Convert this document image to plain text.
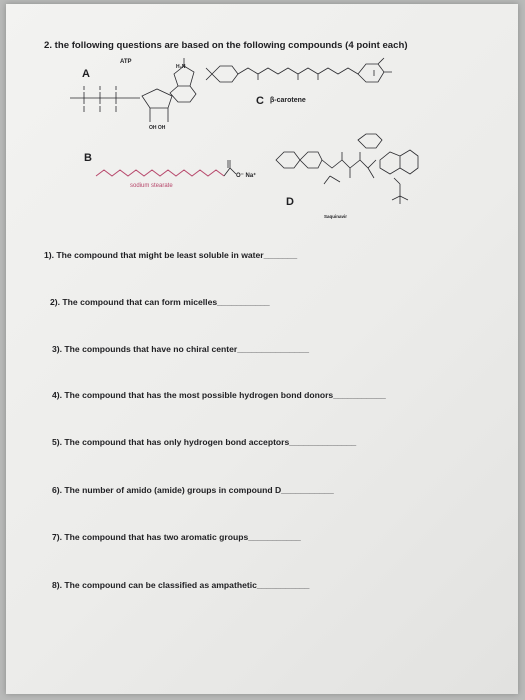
2. the following questions are based on the following compounds (4 point each)
ATP
A
H₂N
OH OH
C β-carotene
B
sodium stearate
O⁻ Na⁺
D
Saquinavir
1). The compound that might be least soluble in water_______
2). The compound that can form micelles___________
3). The compounds that have no chiral center_______________
4). The compound that has the most possible hydrogen bond donors___________
5). The compound that has only hydrogen bond acceptors______________
6). The number of amido (amide) groups in compound D___________
7). The compound that has two aromatic groups___________
8). The compound can be classified as ampathetic___________
